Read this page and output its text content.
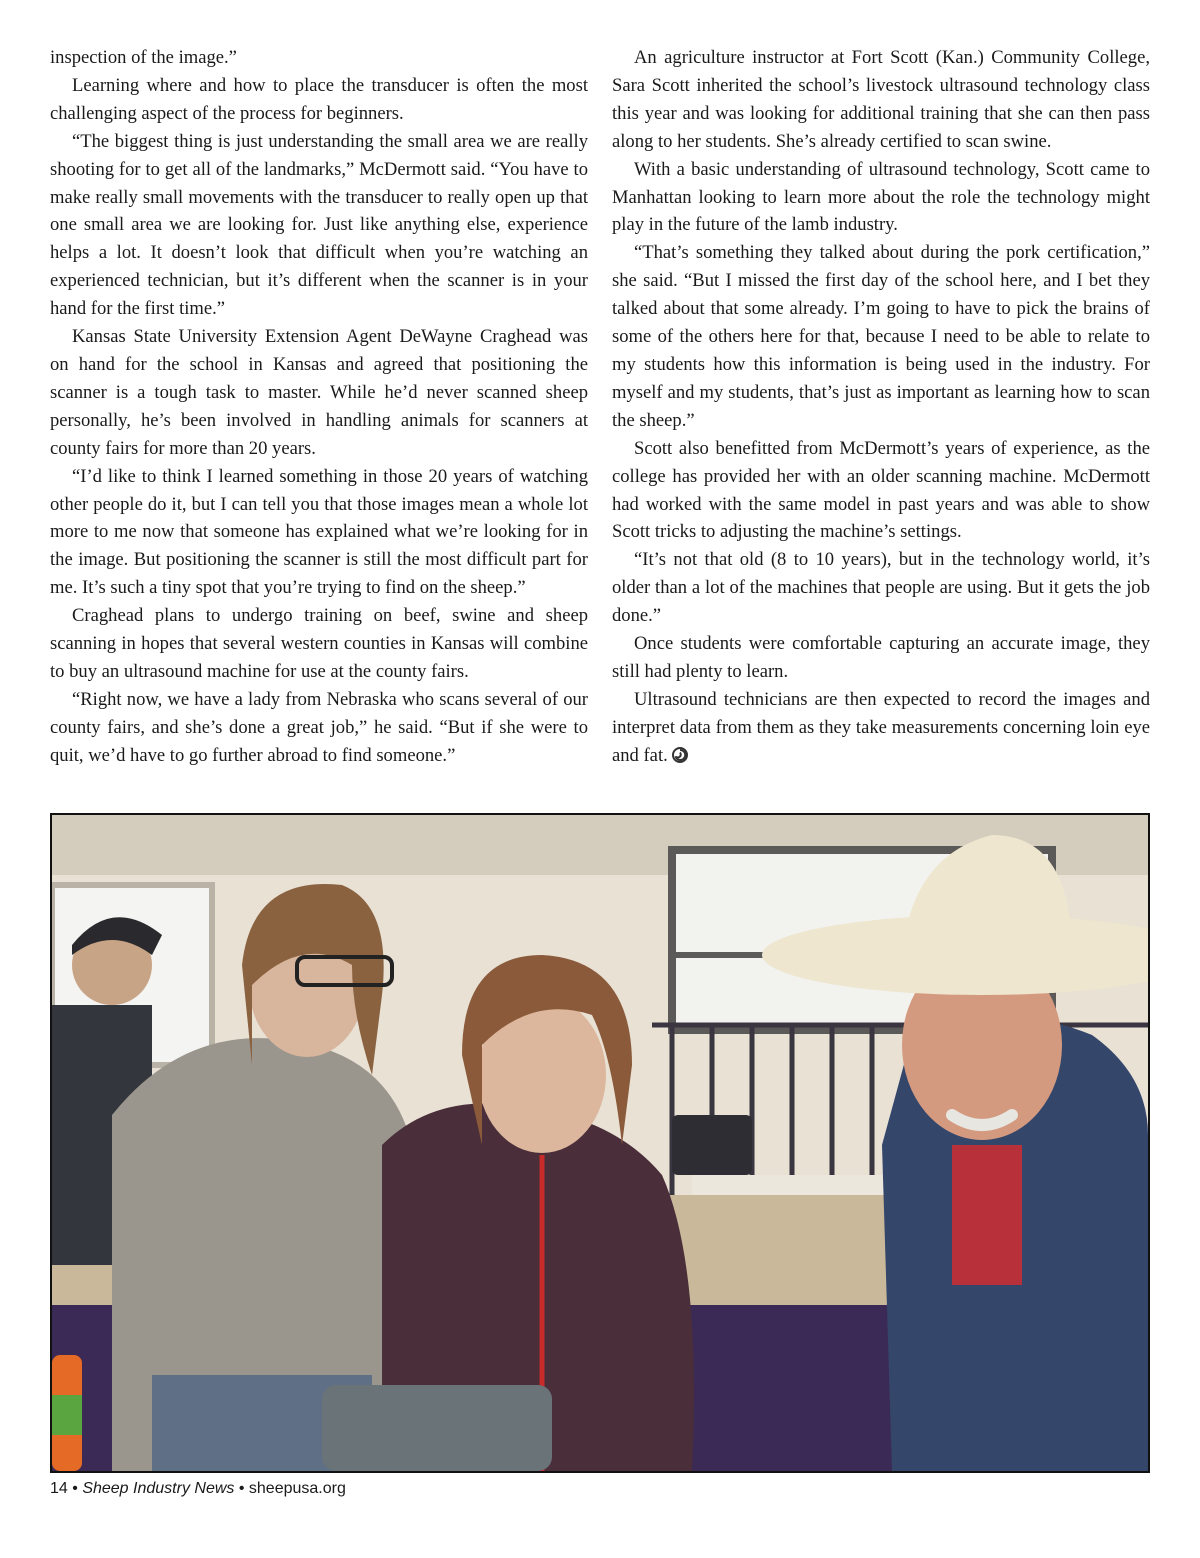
inspection of the image.”

Learning where and how to place the transducer is often the most challenging aspect of the process for beginners.

“The biggest thing is just understanding the small area we are really shooting for to get all of the landmarks,” McDermott said. “You have to make really small movements with the transducer to really open up that one small area we are looking for. Just like anything else, experience helps a lot. It doesn’t look that difficult when you’re watching an experienced technician, but it’s different when the scanner is in your hand for the first time.”

Kansas State University Extension Agent DeWayne Craghead was on hand for the school in Kansas and agreed that positioning the scanner is a tough task to master. While he’d never scanned sheep personally, he’s been involved in handling animals for scanners at county fairs for more than 20 years.

“I’d like to think I learned something in those 20 years of watching other people do it, but I can tell you that those images mean a whole lot more to me now that someone has explained what we’re looking for in the image. But positioning the scanner is still the most difficult part for me. It’s such a tiny spot that you’re trying to find on the sheep.”

Craghead plans to undergo training on beef, swine and sheep scanning in hopes that several western counties in Kansas will combine to buy an ultrasound machine for use at the county fairs.

“Right now, we have a lady from Nebraska who scans several of our county fairs, and she’s done a great job,” he said. “But if she were to quit, we’d have to go further abroad to find someone.”

An agriculture instructor at Fort Scott (Kan.) Community College, Sara Scott inherited the school’s livestock ultrasound technology class this year and was looking for additional training that she can then pass along to her students. She’s already certified to scan swine.

With a basic understanding of ultrasound technology, Scott came to Manhattan looking to learn more about the role the technology might play in the future of the lamb industry.

“That’s something they talked about during the pork certification,” she said. “But I missed the first day of the school here, and I bet they talked about that some already. I’m going to have to pick the brains of some of the others here for that, because I need to be able to relate to my students how this information is being used in the industry. For myself and my students, that’s just as important as learning how to scan the sheep.”

Scott also benefitted from McDermott’s years of experience, as the college has provided her with an older scanning machine. McDermott had worked with the same model in past years and was able to show Scott tricks to adjusting the machine’s settings.

“It’s not that old (8 to 10 years), but in the technology world, it’s older than a lot of the machines that people are using. But it gets the job done.”

Once students were comfortable capturing an accurate image, they still had plenty to learn.

Ultrasound technicians are then expected to record the images and interpret data from them as they take measurements concerning loin eye and fat.

14 • Sheep Industry News • sheepusa.org
